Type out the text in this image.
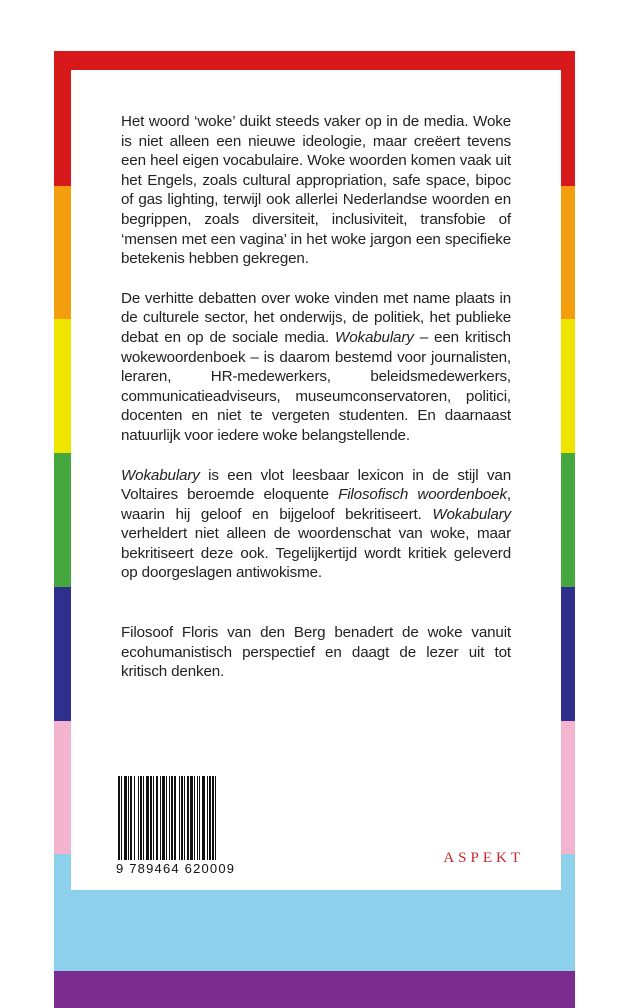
Het woord ‘woke’ duikt steeds vaker op in de media. Woke is niet alleen een nieuwe ideologie, maar creëert tevens een heel eigen vocabulaire. Woke woorden komen vaak uit het Engels, zoals cultural appropriation, safe space, bipoc of gas lighting, terwijl ook allerlei Nederlandse woorden en begrippen, zoals diversiteit, inclusiviteit, transfobie of ‘mensen met een vagina’ in het woke jargon een specifieke betekenis hebben gekregen.

De verhitte debatten over woke vinden met name plaats in de culturele sector, het onderwijs, de politiek, het publieke debat en op de sociale media. Wokabulary – een kritisch wokewoordenboek – is daarom bestemd voor journalisten, leraren, HR-medewerkers, beleidsmedewerkers, communicatieadviseurs, museumconservatoren, politici, docenten en niet te vergeten studenten. En daarnaast natuurlijk voor iedere woke belangstellende.

Wokabulary is een vlot leesbaar lexicon in de stijl van Voltaires beroemde eloquente Filosofisch woordenboek, waarin hij geloof en bijgeloof bekritiseert. Wokabulary verheldert niet alleen de woordenschat van woke, maar bekritiseert deze ook. Tegelijkertijd wordt kritiek geleverd op doorgeslagen antiwokisme.

Filosoof Floris van den Berg benadert de woke vanuit ecohumanistisch perspectief en daagt de lezer uit tot kritisch denken.

9 789464 620009
ASPEKT
